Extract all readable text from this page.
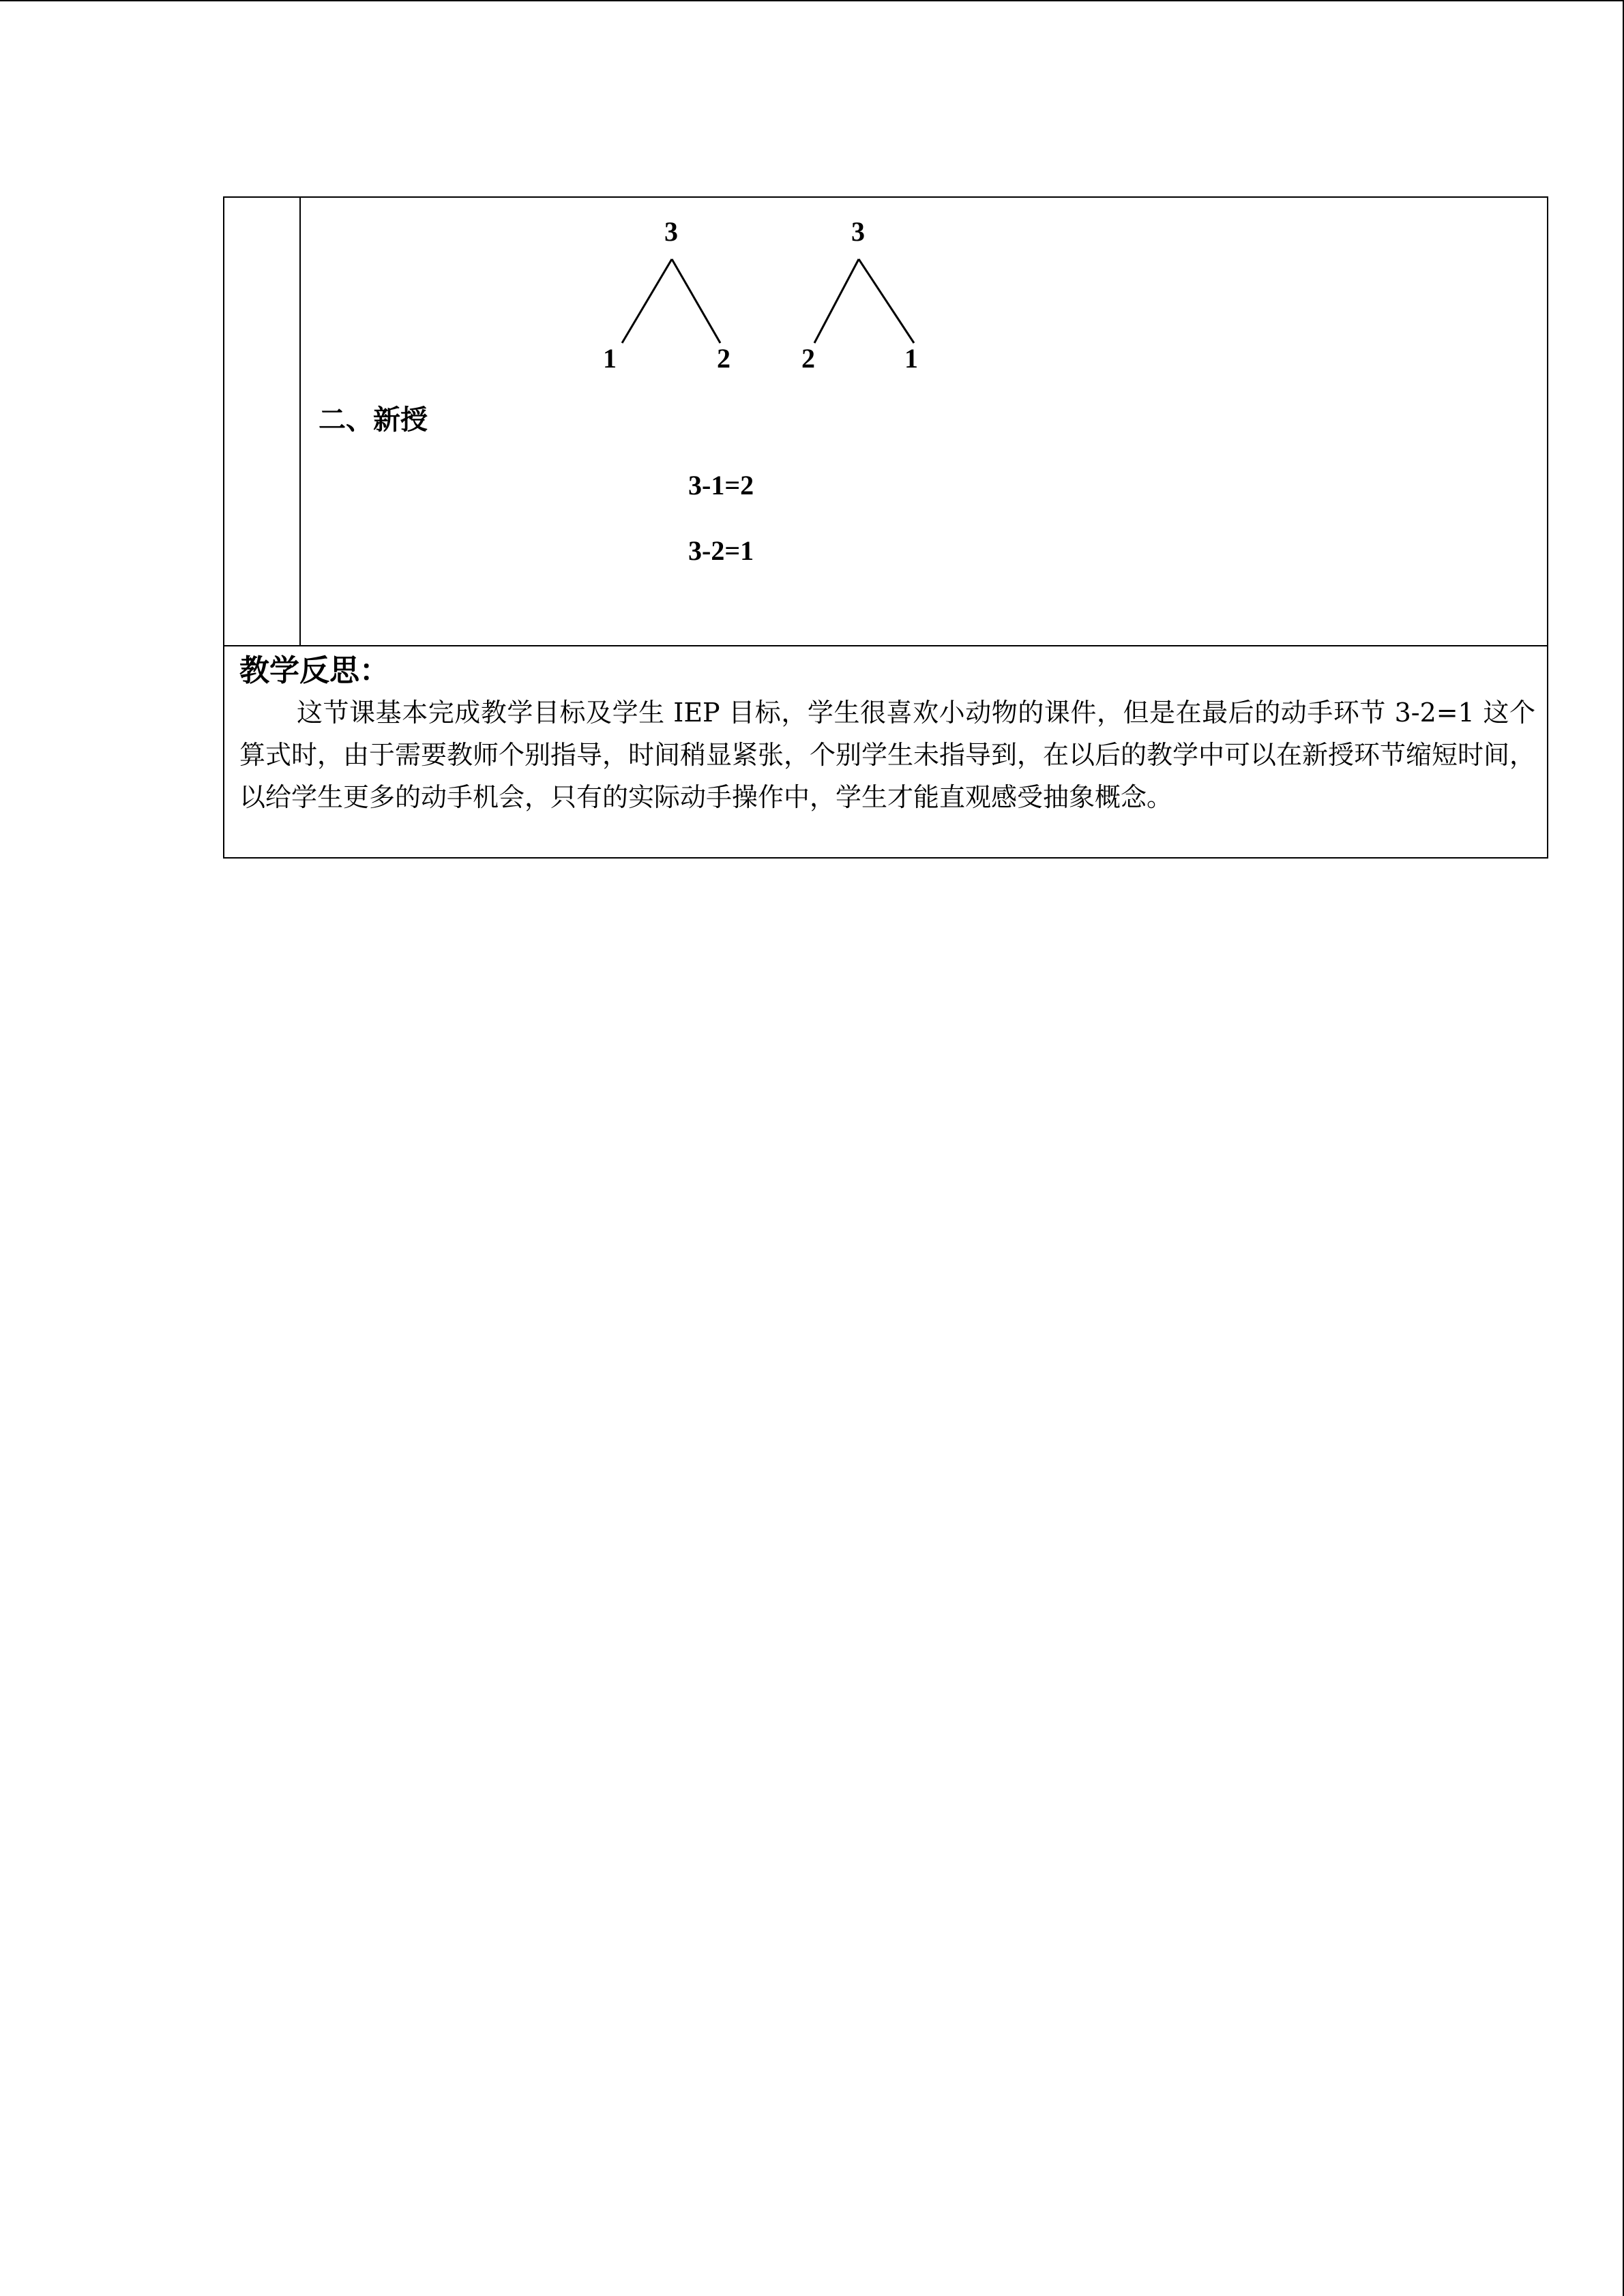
3
1	2
3
2	1
二、新授
3-1=2
3-2=1
教学反思：
这节课基本完成教学目标及学生 IEP 目标，学生很喜欢小动物的课件，但是在最后的动手环节 3-2=1 这个算式时，由于需要教师个别指导，时间稍显紧张，个别学生未指导到，在以后的教学中可以在新授环节缩短时间，以给学生更多的动手机会，只有的实际动手操作中，学生才能直观感受抽象概念。
